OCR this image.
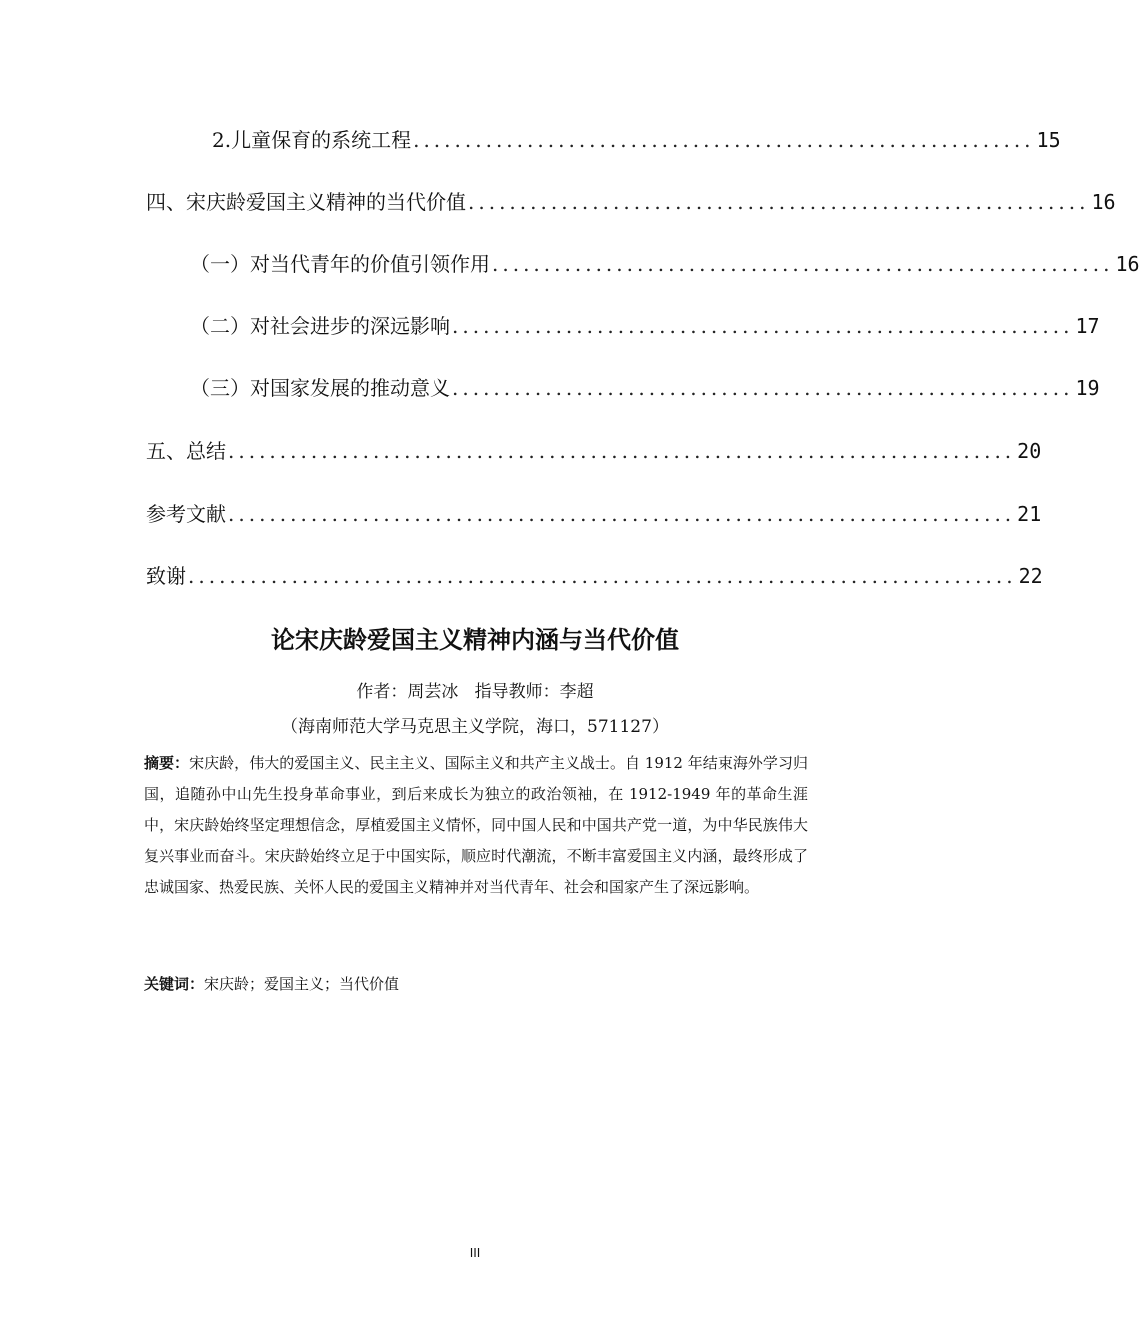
2.儿童保育的系统工程 ............................................................ 15
四、宋庆龄爱国主义精神的当代价值 ............................................................ 16
（一）对当代青年的价值引领作用 ............................................................ 16
（二）对社会进步的深远影响 ............................................................ 17
（三）对国家发展的推动意义 ............................................................ 19
五、总结 ............................................................................ 20
参考文献 ............................................................................ 21
致谢 ................................................................................ 22
论宋庆龄爱国主义精神内涵与当代价值
作者：周芸冰   指导教师：李超
（海南师范大学马克思主义学院，海口，571127）
摘要：宋庆龄，伟大的爱国主义、民主主义、国际主义和共产主义战士。自 1912 年结束海外学习归国，追随孙中山先生投身革命事业，到后来成长为独立的政治领袖，在 1912-1949 年的革命生涯中，宋庆龄始终坚定理想信念，厚植爱国主义情怀，同中国人民和中国共产党一道，为中华民族伟大复兴事业而奋斗。宋庆龄始终立足于中国实际，顺应时代潮流，不断丰富爱国主义内涵，最终形成了忠诚国家、热爱民族、关怀人民的爱国主义精神并对当代青年、社会和国家产生了深远影响。
关键词：宋庆龄；爱国主义；当代价值
III
